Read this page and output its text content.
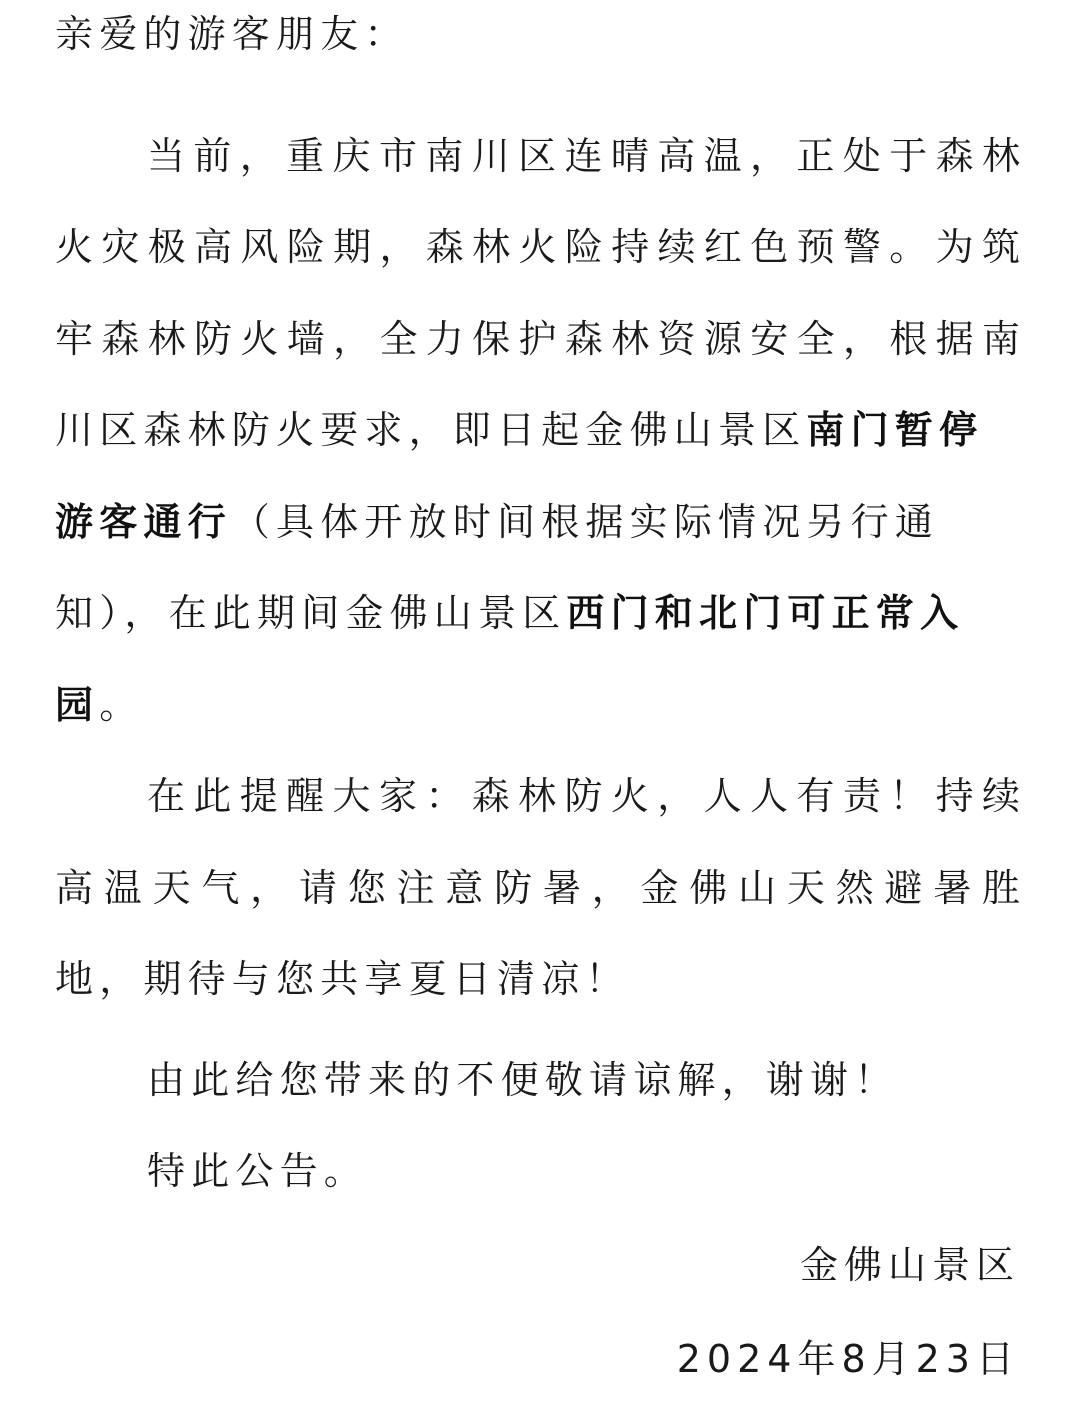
亲爱的游客朋友：
当前，重庆市南川区连晴高温，正处于森林
火灾极高风险期，森林火险持续红色预警。为筑
牢森林防火墙，全力保护森林资源安全，根据南
川区森林防火要求，即日起金佛山景区南门暂停
游客通行（具体开放时间根据实际情况另行通
知），在此期间金佛山景区西门和北门可正常入
园。
在此提醒大家：森林防火，人人有责！持续
高温天气，请您注意防暑，金佛山天然避暑胜
地，期待与您共享夏日清凉！
由此给您带来的不便敬请谅解，谢谢！
特此公告。
金佛山景区
2024年8月23日
